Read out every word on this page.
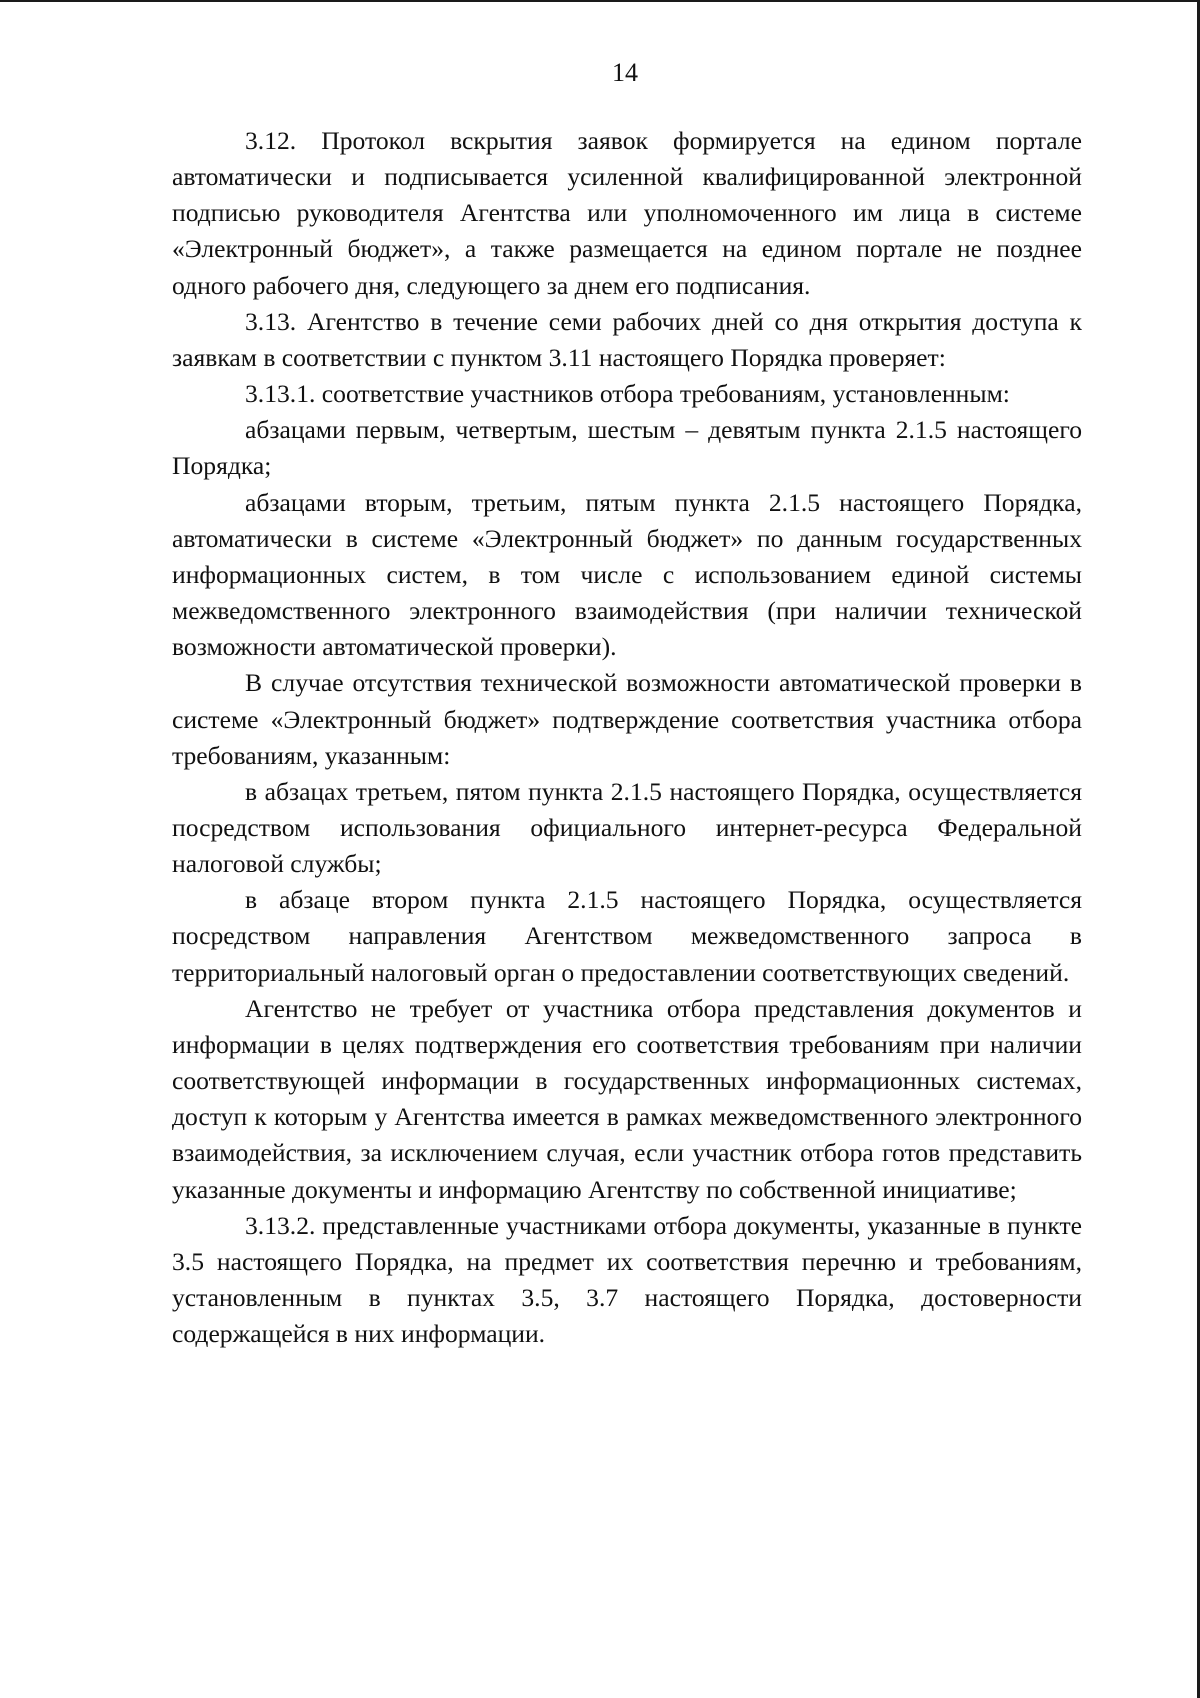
14

3.12. Протокол вскрытия заявок формируется на едином портале автоматически и подписывается усиленной квалифицированной электронной подписью руководителя Агентства или уполномоченного им лица в системе «Электронный бюджет», а также размещается на едином портале не позднее одного рабочего дня, следующего за днем его подписания.

3.13. Агентство в течение семи рабочих дней со дня открытия доступа к заявкам в соответствии с пунктом 3.11 настоящего Порядка проверяет:

3.13.1. соответствие участников отбора требованиям, установленным:

абзацами первым, четвертым, шестым – девятым пункта 2.1.5 настоящего Порядка;

абзацами вторым, третьим, пятым пункта 2.1.5 настоящего Порядка, автоматически в системе «Электронный бюджет» по данным государственных информационных систем, в том числе с использованием единой системы межведомственного электронного взаимодействия (при наличии технической возможности автоматической проверки).

В случае отсутствия технической возможности автоматической проверки в системе «Электронный бюджет» подтверждение соответствия участника отбора требованиям, указанным:

в абзацах третьем, пятом пункта 2.1.5 настоящего Порядка, осуществляется посредством использования официального интернет-ресурса Федеральной налоговой службы;

в абзаце втором пункта 2.1.5 настоящего Порядка, осуществляется посредством направления Агентством межведомственного запроса в территориальный налоговый орган о предоставлении соответствующих сведений.

Агентство не требует от участника отбора представления документов и информации в целях подтверждения его соответствия требованиям при наличии соответствующей информации в государственных информационных системах, доступ к которым у Агентства имеется в рамках межведомственного электронного взаимодействия, за исключением случая, если участник отбора готов представить указанные документы и информацию Агентству по собственной инициативе;

3.13.2. представленные участниками отбора документы, указанные в пункте 3.5 настоящего Порядка, на предмет их соответствия перечню и требованиям, установленным в пунктах 3.5, 3.7 настоящего Порядка, достоверности содержащейся в них информации.
